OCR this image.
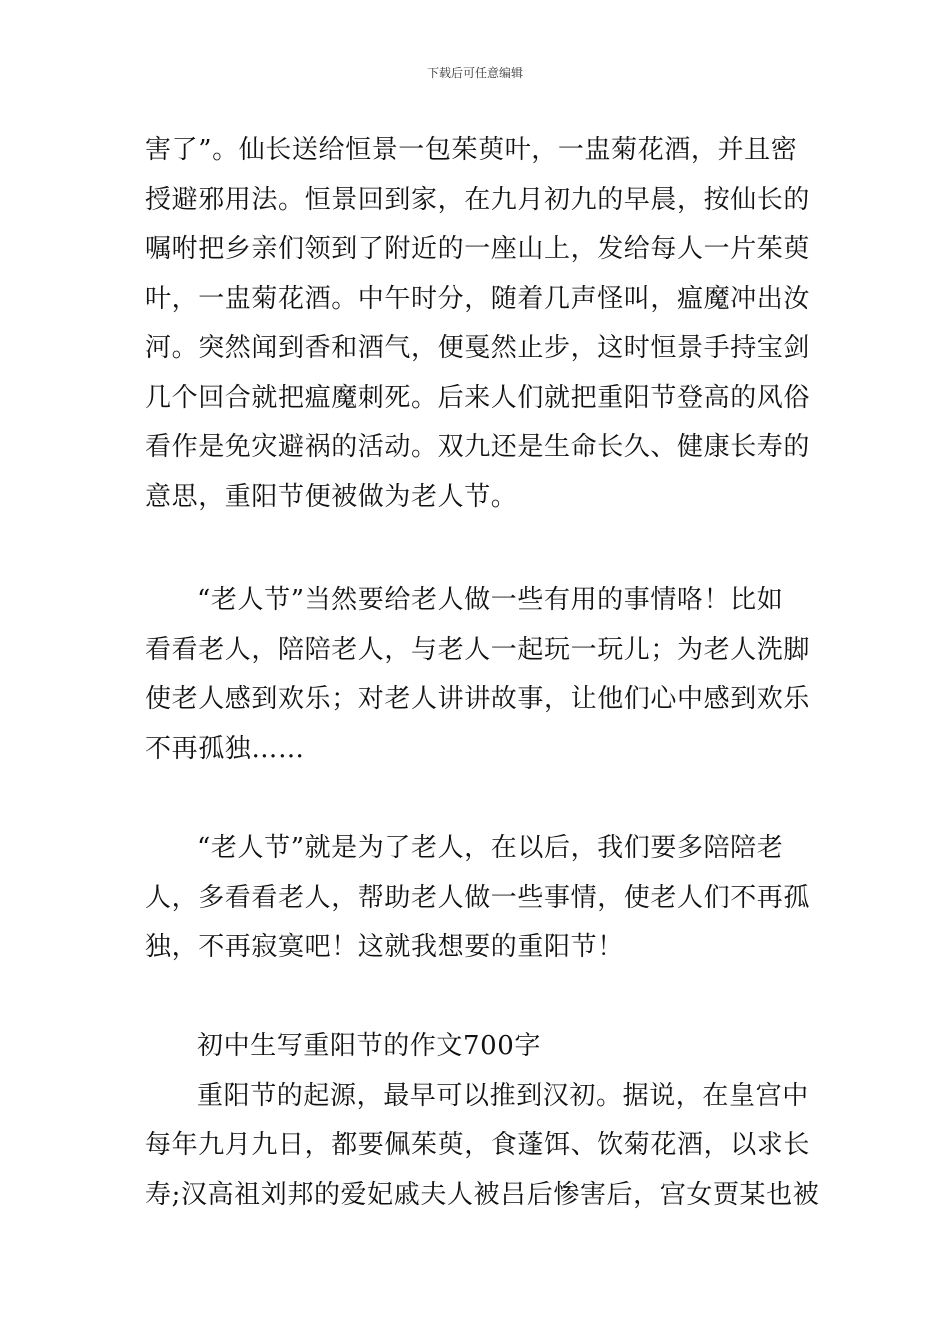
下载后可任意编辑
害了”。仙长送给恒景一包茱萸叶，一盅菊花酒，并且密
授避邪用法。恒景回到家，在九月初九的早晨，按仙长的
嘱咐把乡亲们领到了附近的一座山上，发给每人一片茱萸
叶，一盅菊花酒。中午时分，随着几声怪叫，瘟魔冲出汝
河。突然闻到香和酒气，便戛然止步，这时恒景手持宝剑
几个回合就把瘟魔刺死。后来人们就把重阳节登高的风俗
看作是免灾避祸的活动。双九还是生命长久、健康长寿的
意思，重阳节便被做为老人节。
“老人节”当然要给老人做一些有用的事情咯！比如
看看老人，陪陪老人，与老人一起玩一玩儿；为老人洗脚
使老人感到欢乐；对老人讲讲故事，让他们心中感到欢乐
不再孤独……
“老人节”就是为了老人，在以后，我们要多陪陪老
人，多看看老人，帮助老人做一些事情，使老人们不再孤
独，不再寂寞吧！这就我想要的重阳节！
初中生写重阳节的作文700字
重阳节的起源，最早可以推到汉初。据说，在皇宫中
每年九月九日，都要佩茱萸，食蓬饵、饮菊花酒，以求长
寿;汉高祖刘邦的爱妃戚夫人被吕后惨害后，宫女贾某也被
